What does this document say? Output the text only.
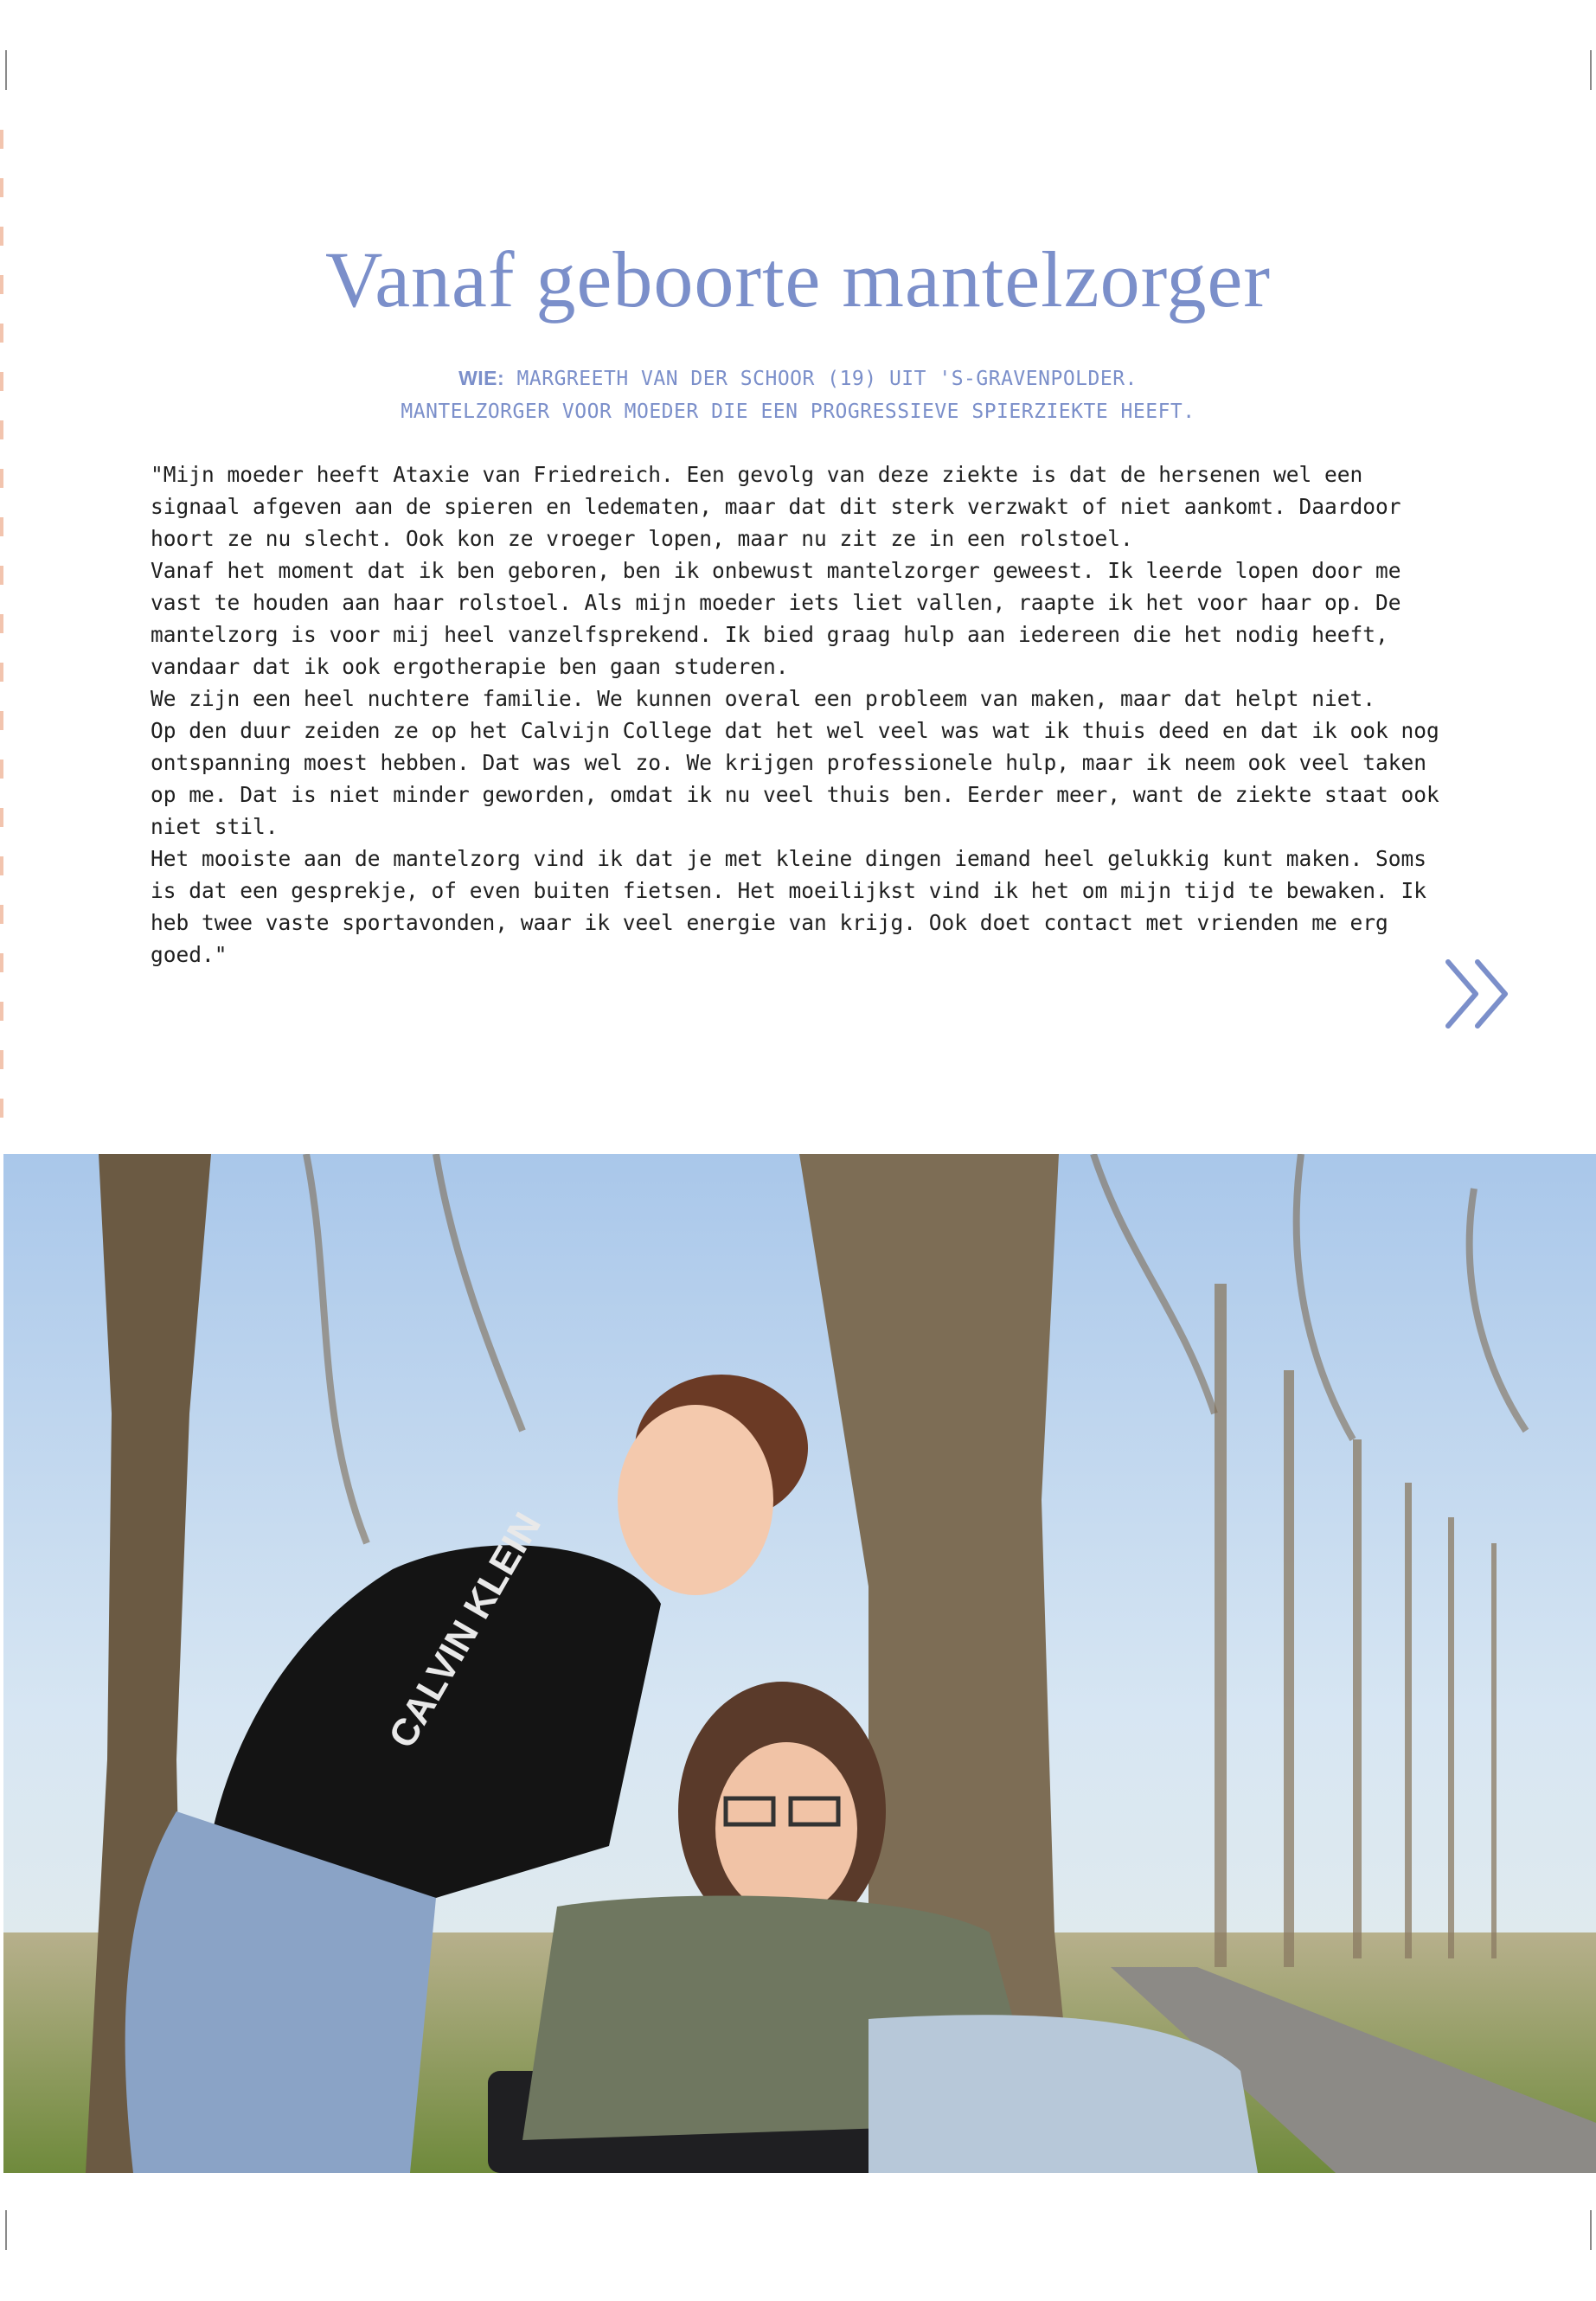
Vanaf geboorte mantelzorger
WIE: MARGREETH VAN DER SCHOOR (19) UIT 'S-GRAVENPOLDER.
MANTELZORGER VOOR MOEDER DIE EEN PROGRESSIEVE SPIERZIEKTE HEEFT.

"Mijn moeder heeft Ataxie van Friedreich. Een gevolg van deze ziekte is dat de hersenen wel een signaal afgeven aan de spieren en ledematen, maar dat dit sterk verzwakt of niet aankomt. Daardoor hoort ze nu slecht. Ook kon ze vroeger lopen, maar nu zit ze in een rolstoel.

Vanaf het moment dat ik ben geboren, ben ik onbewust mantelzorger geweest. Ik leerde lopen door me vast te houden aan haar rolstoel. Als mijn moeder iets liet vallen, raapte ik het voor haar op. De mantelzorg is voor mij heel vanzelfsprekend. Ik bied graag hulp aan iedereen die het nodig heeft, vandaar dat ik ook ergotherapie ben gaan studeren.

We zijn een heel nuchtere familie. We kunnen overal een probleem van maken, maar dat helpt niet.

Op den duur zeiden ze op het Calvijn College dat het wel veel was wat ik thuis deed en dat ik ook nog ontspanning moest hebben. Dat was wel zo. We krijgen professionele hulp, maar ik neem ook veel taken op me. Dat is niet minder geworden, omdat ik nu veel thuis ben. Eerder meer, want de ziekte staat ook niet stil.

Het mooiste aan de mantelzorg vind ik dat je met kleine dingen iemand heel gelukkig kunt maken. Soms is dat een gesprekje, of even buiten fietsen. Het moeilijkst vind ik het om mijn tijd te bewaken. Ik heb twee vaste sportavonden, waar ik veel energie van krijg. Ook doet contact met vrienden me erg goed."

CALVIN KLEIN
